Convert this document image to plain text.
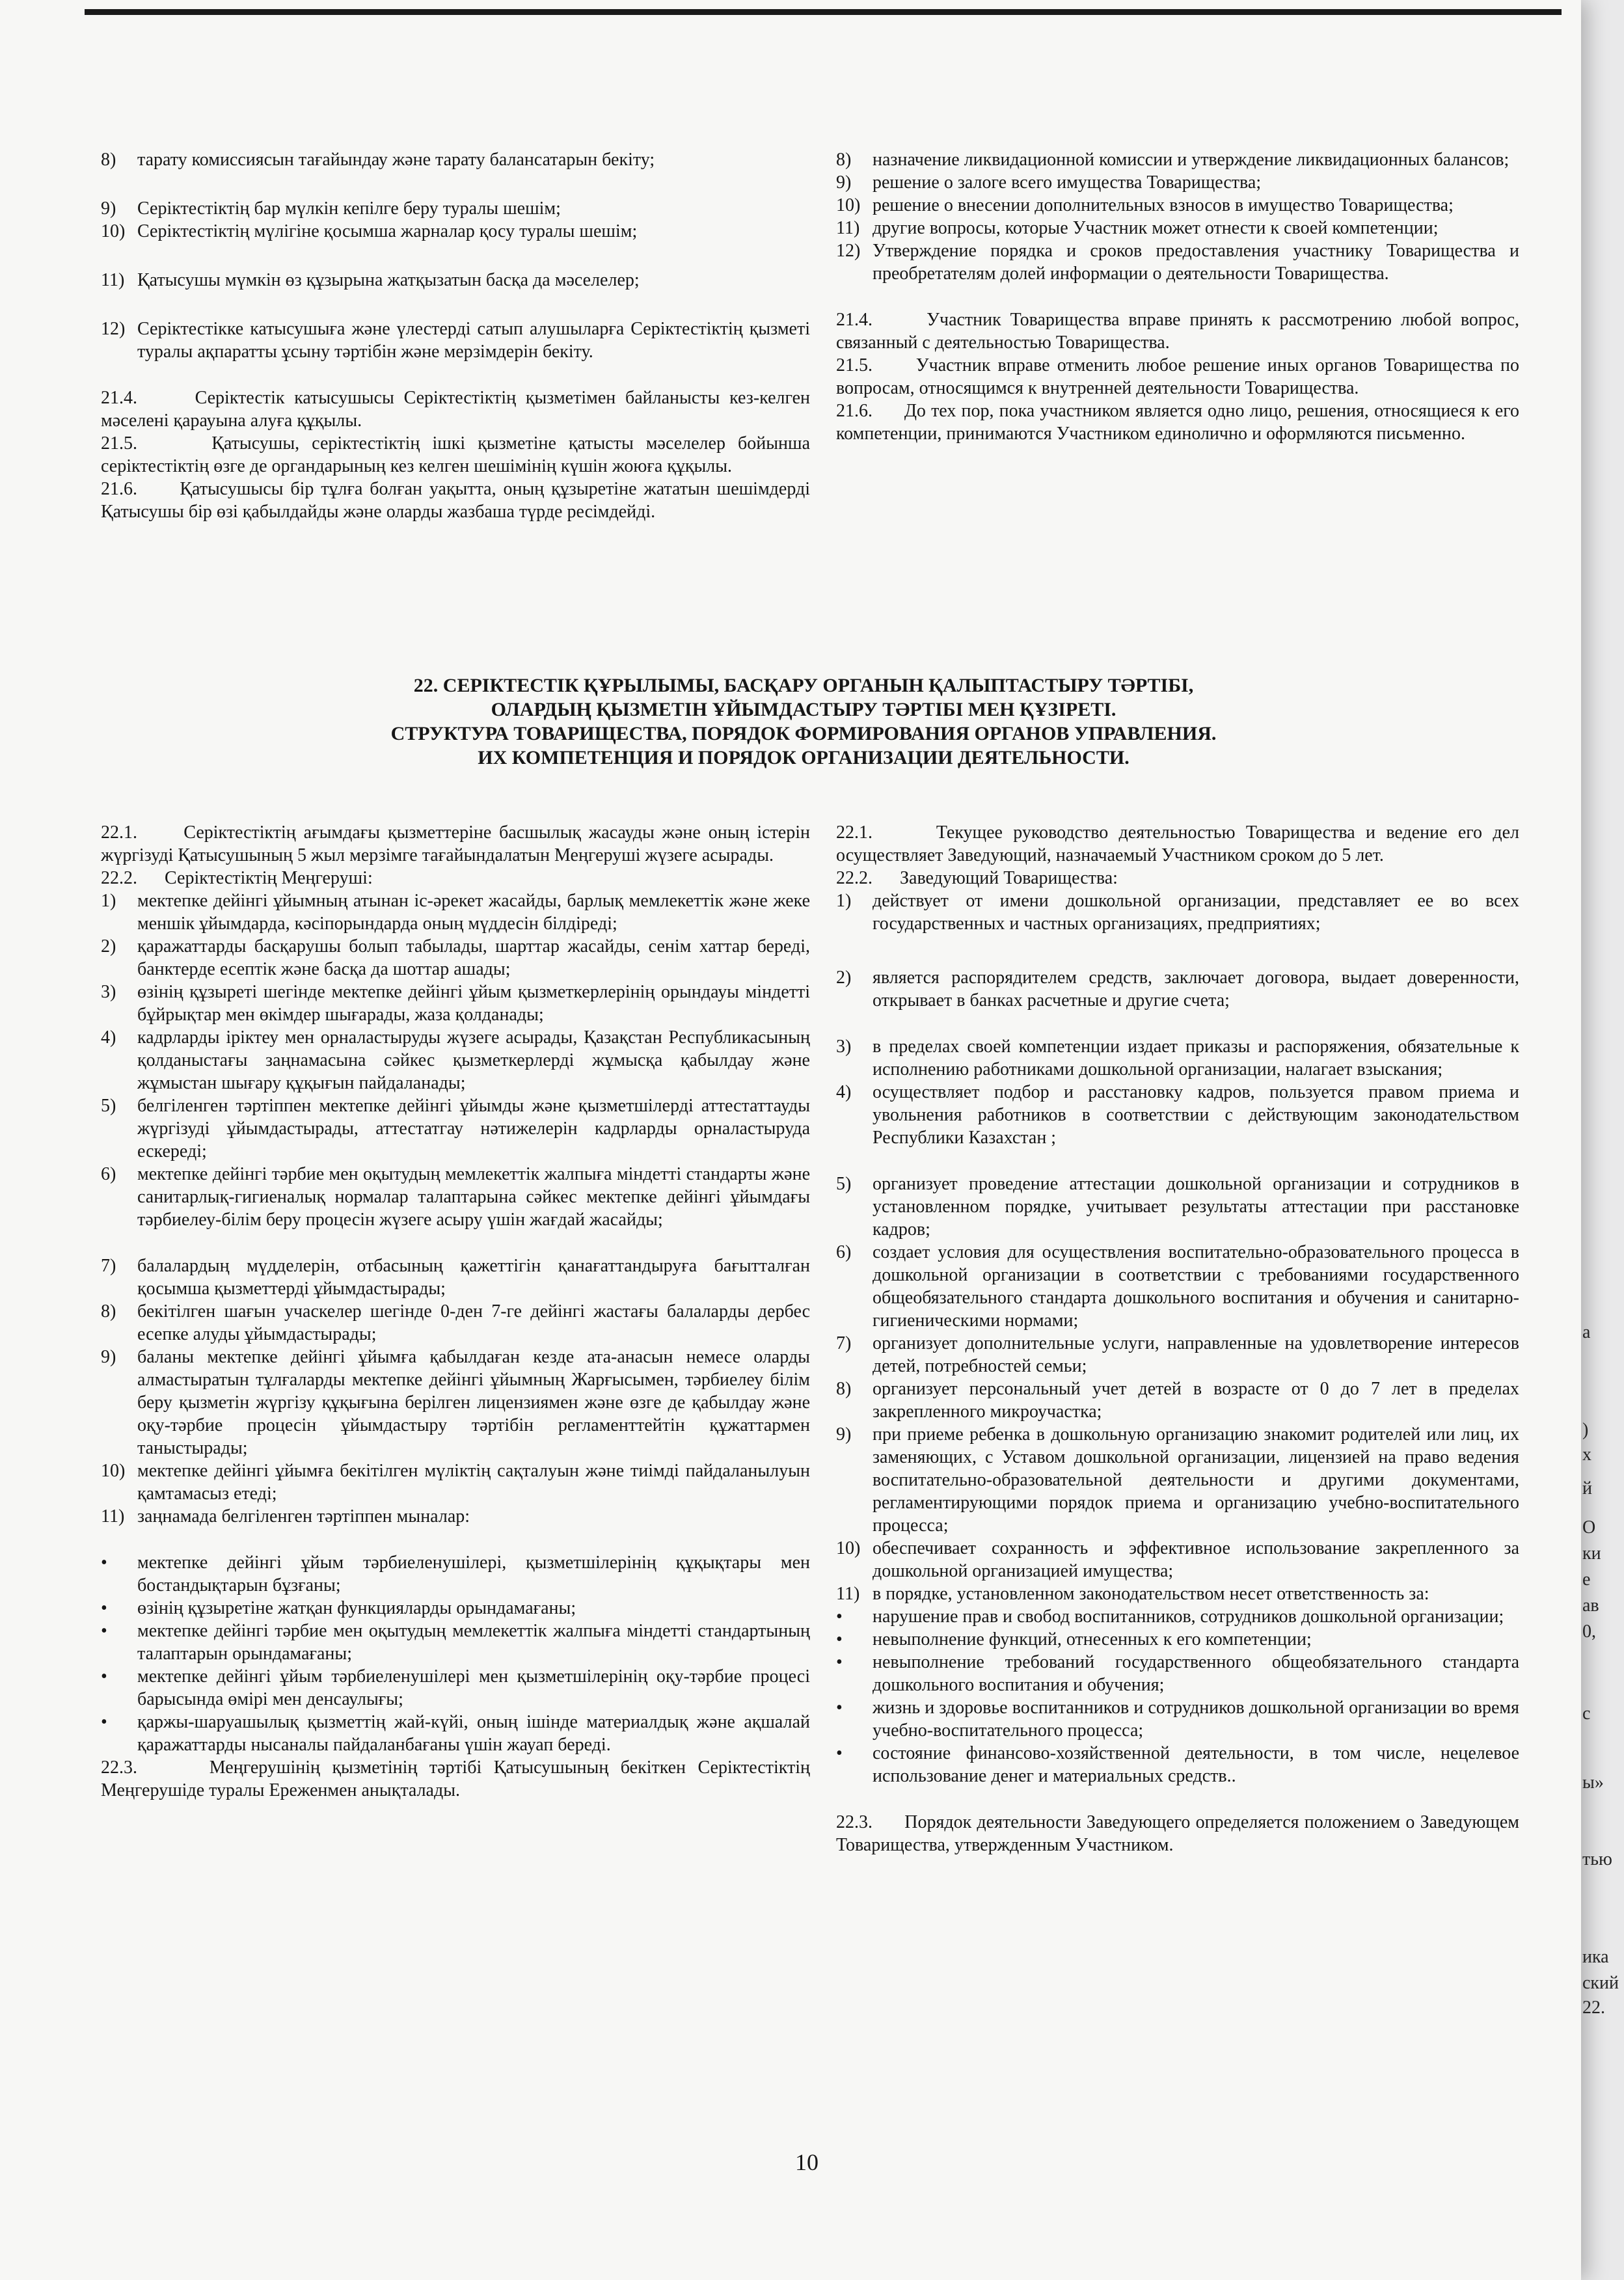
8)	тарату комиссиясын тағайындау және тарату балансатарын бекіту;
9)	Серіктестіктің бар мүлкін кепілге беру туралы шешім;
10) Серіктестіктің мүлігіне қосымша жарналар қосу туралы шешім;
11) Қатысушы мүмкін өз құзырына жатқызатын басқа да мәселелер;
12) Серіктестікке катысушыға және үлестерді сатып алушыларға Серіктестіктің қызметі туралы ақпаратты ұсыну тәртібін және мерзімдерін бекіту.
21.4.	Серіктестік катысушысы Серіктестіктің қызметімен байланысты кез-келген мәселені қарауына алуға құқылы.
21.5.	Қатысушы, серіктестіктің ішкі қызметіне қатысты мәселелер бойынша серіктестіктің өзге де органдарының кез келген шешімінің күшін жоюға құқылы.
21.6. Қатысушысы бір тұлға болған уақытта, оның құзыретіне жататын шешімдерді Қатысушы бір өзі қабылдайды және оларды жазбаша түрде ресімдейді.
8)	назначение ликвидационной комиссии и утверждение ликвидационных балансов;
9)	решение о залоге всего имущества Товарищества;
10) решение о внесении дополнительных взносов в имущество Товарищества;
11) другие вопросы, которые Участник может отнести к своей компетенции;
12) Утверждение порядка и сроков предоставления участнику Товарищества и преобретателям долей информации о деятельности Товарищества.
21.4.	Участник Товарищества вправе принять к рассмотрению любой вопрос, связанный с деятельностью Товарищества.
21.5. Участник вправе отменить любое решение иных органов Товарищества по вопросам, относящимся к внутренней деятельности Товарищества.
21.6. До тех пор, пока участником является одно лицо, решения, относящиеся к его компетенции, принимаются Участником единолично и оформляются письменно.
22. СЕРІКТЕСТІК ҚҰРЫЛЫМЫ, БАСҚАРУ ОРГАНЫН ҚАЛЫПТАСТЫРУ ТӘРТІБІ,
ОЛАРДЫҢ ҚЫЗМЕТІН ҰЙЫМДАСТЫРУ ТӘРТІБІ МЕН ҚҰЗІРЕТІ.
СТРУКТУРА ТОВАРИЩЕСТВА, ПОРЯДОК ФОРМИРОВАНИЯ ОРГАНОВ УПРАВЛЕНИЯ.
ИХ КОМПЕТЕНЦИЯ И ПОРЯДОК ОРГАНИЗАЦИИ ДЕЯТЕЛЬНОСТИ.
22.1.	Серіктестіктің ағымдағы қызметтеріне басшылық жасауды және оның істерін жүргізуді Қатысушының 5 жыл мерзімге тағайындалатын Меңгеруші жүзеге асырады.
22.2. Серіктестіктің Меңгеруші:
1)	мектепке дейінгі ұйымның атынан іс-әрекет жасайды, барлық мемлекеттік және жеке меншік ұйымдарда, кәсіпорындарда оның мүддесін білдіреді;
2)	қаражаттарды басқарушы болып табылады, шарттар жасайды, сенім хаттар береді, банктерде есептік және басқа да шоттар ашады;
3)	өзінің құзыреті шегінде мектепке дейінгі ұйым қызметкерлерінің орындауы міндетті бұйрықтар мен өкімдер шығарады, жаза қолданады;
4)	кадрларды іріктеу мен орналастыруды жүзеге асырады, Қазақстан Республикасының қолданыстағы заңнамасына сәйкес қызметкерлерді жұмысқа қабылдау және жұмыстан шығару құқығын пайдаланады;
5)	белгіленген тәртіппен мектепке дейінгі ұйымды және қызметшілерді аттестаттауды жүргізуді ұйымдастырады, аттестатгау нәтижелерін кадрларды орналастыруда ескереді;
6)	мектепке дейінгі тәрбие мен оқытудың мемлекеттік жалпыға міндетті стандарты және санитарлық-гигиеналық нормалар талаптарына сәйкес мектепке дейінгі ұйымдағы тәрбиелеу-білім беру процесін жүзеге асыру үшін жағдай жасайды;
7)	балалардың мүдделерін, отбасының қажеттігін қанағаттандыруға бағытталған қосымша қызметтерді ұйымдастырады;
8)	бекітілген шағын учаскелер шегінде 0-ден 7-ге дейінгі жастағы балаларды дербес есепке алуды ұйымдастырады;
9)	баланы мектепке дейінгі ұйымға қабылдаған кезде ата-анасын немесе оларды алмастыратын тұлғаларды мектепке дейінгі ұйымның Жарғысымен, тәрбиелеу білім беру қызметін жүргізу құқығына берілген лицензиямен және өзге де қабылдау және оқу-тәрбие процесін ұйымдастыру тәртібін регламенттейтін құжаттармен таныстырады;
10) мектепке дейінгі ұйымға бекітілген мүліктің сақталуын және тиімді пайдаланылуын қамтамасыз етеді;
11) заңнамада белгіленген тәртіппен мыналар:
•	мектепке дейінгі ұйым тәрбиеленушілері, қызметшілерінің құқықтары мен бостандықтарын бұзғаны;
•	өзінің құзыретіне жатқан функцияларды орындамағаны;
•	мектепке дейінгі тәрбие мен оқытудың мемлекеттік жалпыға міндетті стандартының талаптарын орындамағаны;
•	мектепке дейінгі ұйым тәрбиеленушілері мен қызметшілерінің оқу-тәрбие процесі барысында өмірі мен денсаулығы;
•	қаржы-шаруашылық қызметтің жай-күйі, оның ішінде материалдық және ақшалай қаражаттарды нысаналы пайдаланбағаны үшін жауап береді.
22.3.	Меңгерушінің қызметінің тәртібі Қатысушының бекіткен Серіктестіктің Меңгерушіде туралы Ереженмен анықталады.
22.1.	Текущее руководство деятельностью Товарищества и ведение его дел осуществляет Заведующий, назначаемый Участником сроком до 5 лет.
22.2. Заведующий Товарищества:
1)	действует от имени дошкольной организации, представляет ее во всех государственных и частных организациях, предприятиях;
2)	является распорядителем средств, заключает договора, выдает доверенности, открывает в банках расчетные и другие счета;
3)	в пределах своей компетенции издает приказы и распоряжения, обязательные к исполнению работниками дошкольной организации, налагает взыскания;
4)	осуществляет подбор и расстановку кадров, пользуется правом приема и увольнения работников в соответствии с действующим законодательством Республики Казахстан ;
5)	организует проведение аттестации дошкольной организации и сотрудников в установленном порядке, учитывает результаты аттестации при расстановке кадров;
6)	создает условия для осуществления воспитательно-образовательного процесса в дошкольной организации в соответствии с требованиями государственного общеобязательного стандарта дошкольного воспитания и обучения и санитарно-гигиеническими нормами;
7)	организует дополнительные услуги, направленные на удовлетворение интересов детей, потребностей семьи;
8)	организует персональный учет детей в возрасте от 0 до 7 лет в пределах закрепленного микроучастка;
9)	при приеме ребенка в дошкольную организацию знакомит родителей или лиц, их заменяющих, с Уставом дошкольной организации, лицензией на право ведения воспитательно-образовательной деятельности и другими документами, регламентирующими порядок приема и организацию учебно-воспитательного процесса;
10) обеспечивает сохранность и эффективное использование закрепленного за дошкольной организацией имущества;
11) в порядке, установленном законодательством несет ответственность за:
•	нарушение прав и свобод воспитанников, сотрудников дошкольной организации;
•	невыполнение функций, отнесенных к его компетенции;
•	невыполнение требований государственного общеобязательного стандарта дошкольного воспитания и обучения;
•	жизнь и здоровье воспитанников и сотрудников дошкольной организации во время учебно-воспитательного процесса;
•	состояние финансово-хозяйственной деятельности, в том числе, нецелевое использование денег и материальных средств..
22.3. Порядок деятельности Заведующего определяется положением о Заведующем Товарищества, утвержденным Участником.
10
а
)
х
й
О
ки
е
ав
0,
с
ы»
тью
ика
ский
22.
